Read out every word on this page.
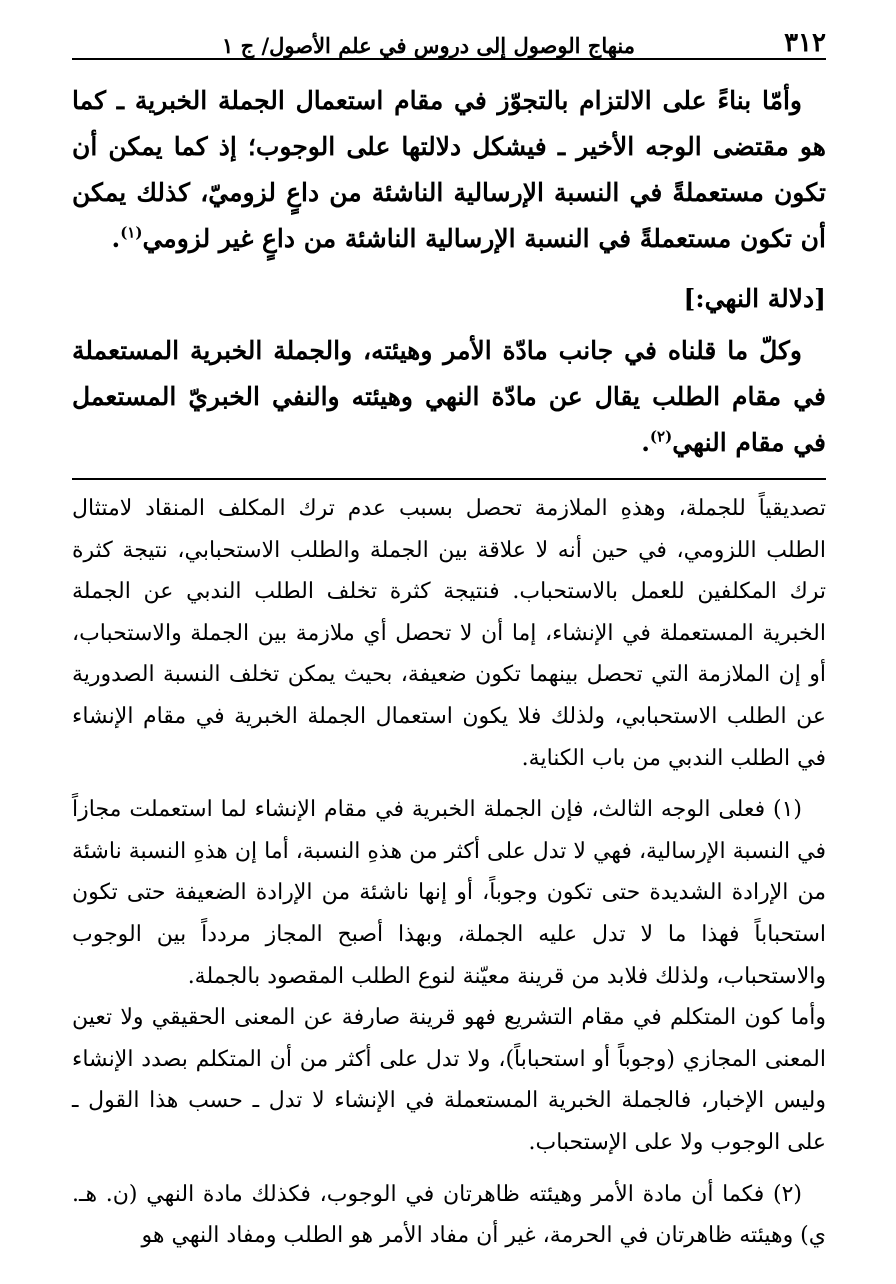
٣١٢
منهاج الوصول إلى دروس في علم الأصول/ ج ١

وأمّا بناءً على الالتزام بالتجوّز في مقام استعمال الجملة الخبرية ـ كما هو مقتضى الوجه الأخير ـ فيشكل دلالتها على الوجوب؛ إذ كما يمكن أن تكون مستعملةً في النسبة الإرسالية الناشئة من داعٍ لزوميّ، كذلك يمكن أن تكون مستعملةً في النسبة الإرسالية الناشئة من داعٍ غير لزومي$^{(١)}$.

[دلالة النهي:]

وكلّ ما قلناه في جانب مادّة الأمر وهيئته، والجملة الخبرية المستعملة في مقام الطلب يقال عن مادّة النهي وهيئته والنفي الخبريّ المستعمل في مقام النهي$^{(٢)}$.

تصديقياً للجملة، وهذهِ الملازمة تحصل بسبب عدم ترك المكلف المنقاد لامتثال الطلب اللزومي، في حين أنه لا علاقة بين الجملة والطلب الاستحبابي، نتيجة كثرة ترك المكلفين للعمل بالاستحباب. فنتيجة كثرة تخلف الطلب الندبي عن الجملة الخبرية المستعملة في الإنشاء، إما أن لا تحصل أي ملازمة بين الجملة والاستحباب، أو إن الملازمة التي تحصل بينهما تكون ضعيفة، بحيث يمكن تخلف النسبة الصدورية عن الطلب الاستحبابي، ولذلك فلا يكون استعمال الجملة الخبرية في مقام الإنشاء في الطلب الندبي من باب الكناية.

(١) فعلى الوجه الثالث، فإن الجملة الخبرية في مقام الإنشاء لما استعملت مجازاً في النسبة الإرسالية، فهي لا تدل على أكثر من هذهِ النسبة، أما إن هذهِ النسبة ناشئة من الإرادة الشديدة حتى تكون وجوباً، أو إنها ناشئة من الإرادة الضعيفة حتى تكون استحباباً فهذا ما لا تدل عليه الجملة، وبهذا أصبح المجاز مردداً بين الوجوب والاستحباب، ولذلك فلابد من قرينة معيّنة لنوع الطلب المقصود بالجملة.

وأما كون المتكلم في مقام التشريع فهو قرينة صارفة عن المعنى الحقيقي ولا تعين المعنى المجازي (وجوباً أو استحباباً)، ولا تدل على أكثر من أن المتكلم بصدد الإنشاء وليس الإخبار، فالجملة الخبرية المستعملة في الإنشاء لا تدل ـ حسب هذا القول ـ على الوجوب ولا على الإستحباب.

(٢) فكما أن مادة الأمر وهيئته ظاهرتان في الوجوب، فكذلك مادة النهي (ن. هـ. ي) وهيئته ظاهرتان في الحرمة، غير أن مفاد الأمر هو الطلب ومفاد النهي هو
